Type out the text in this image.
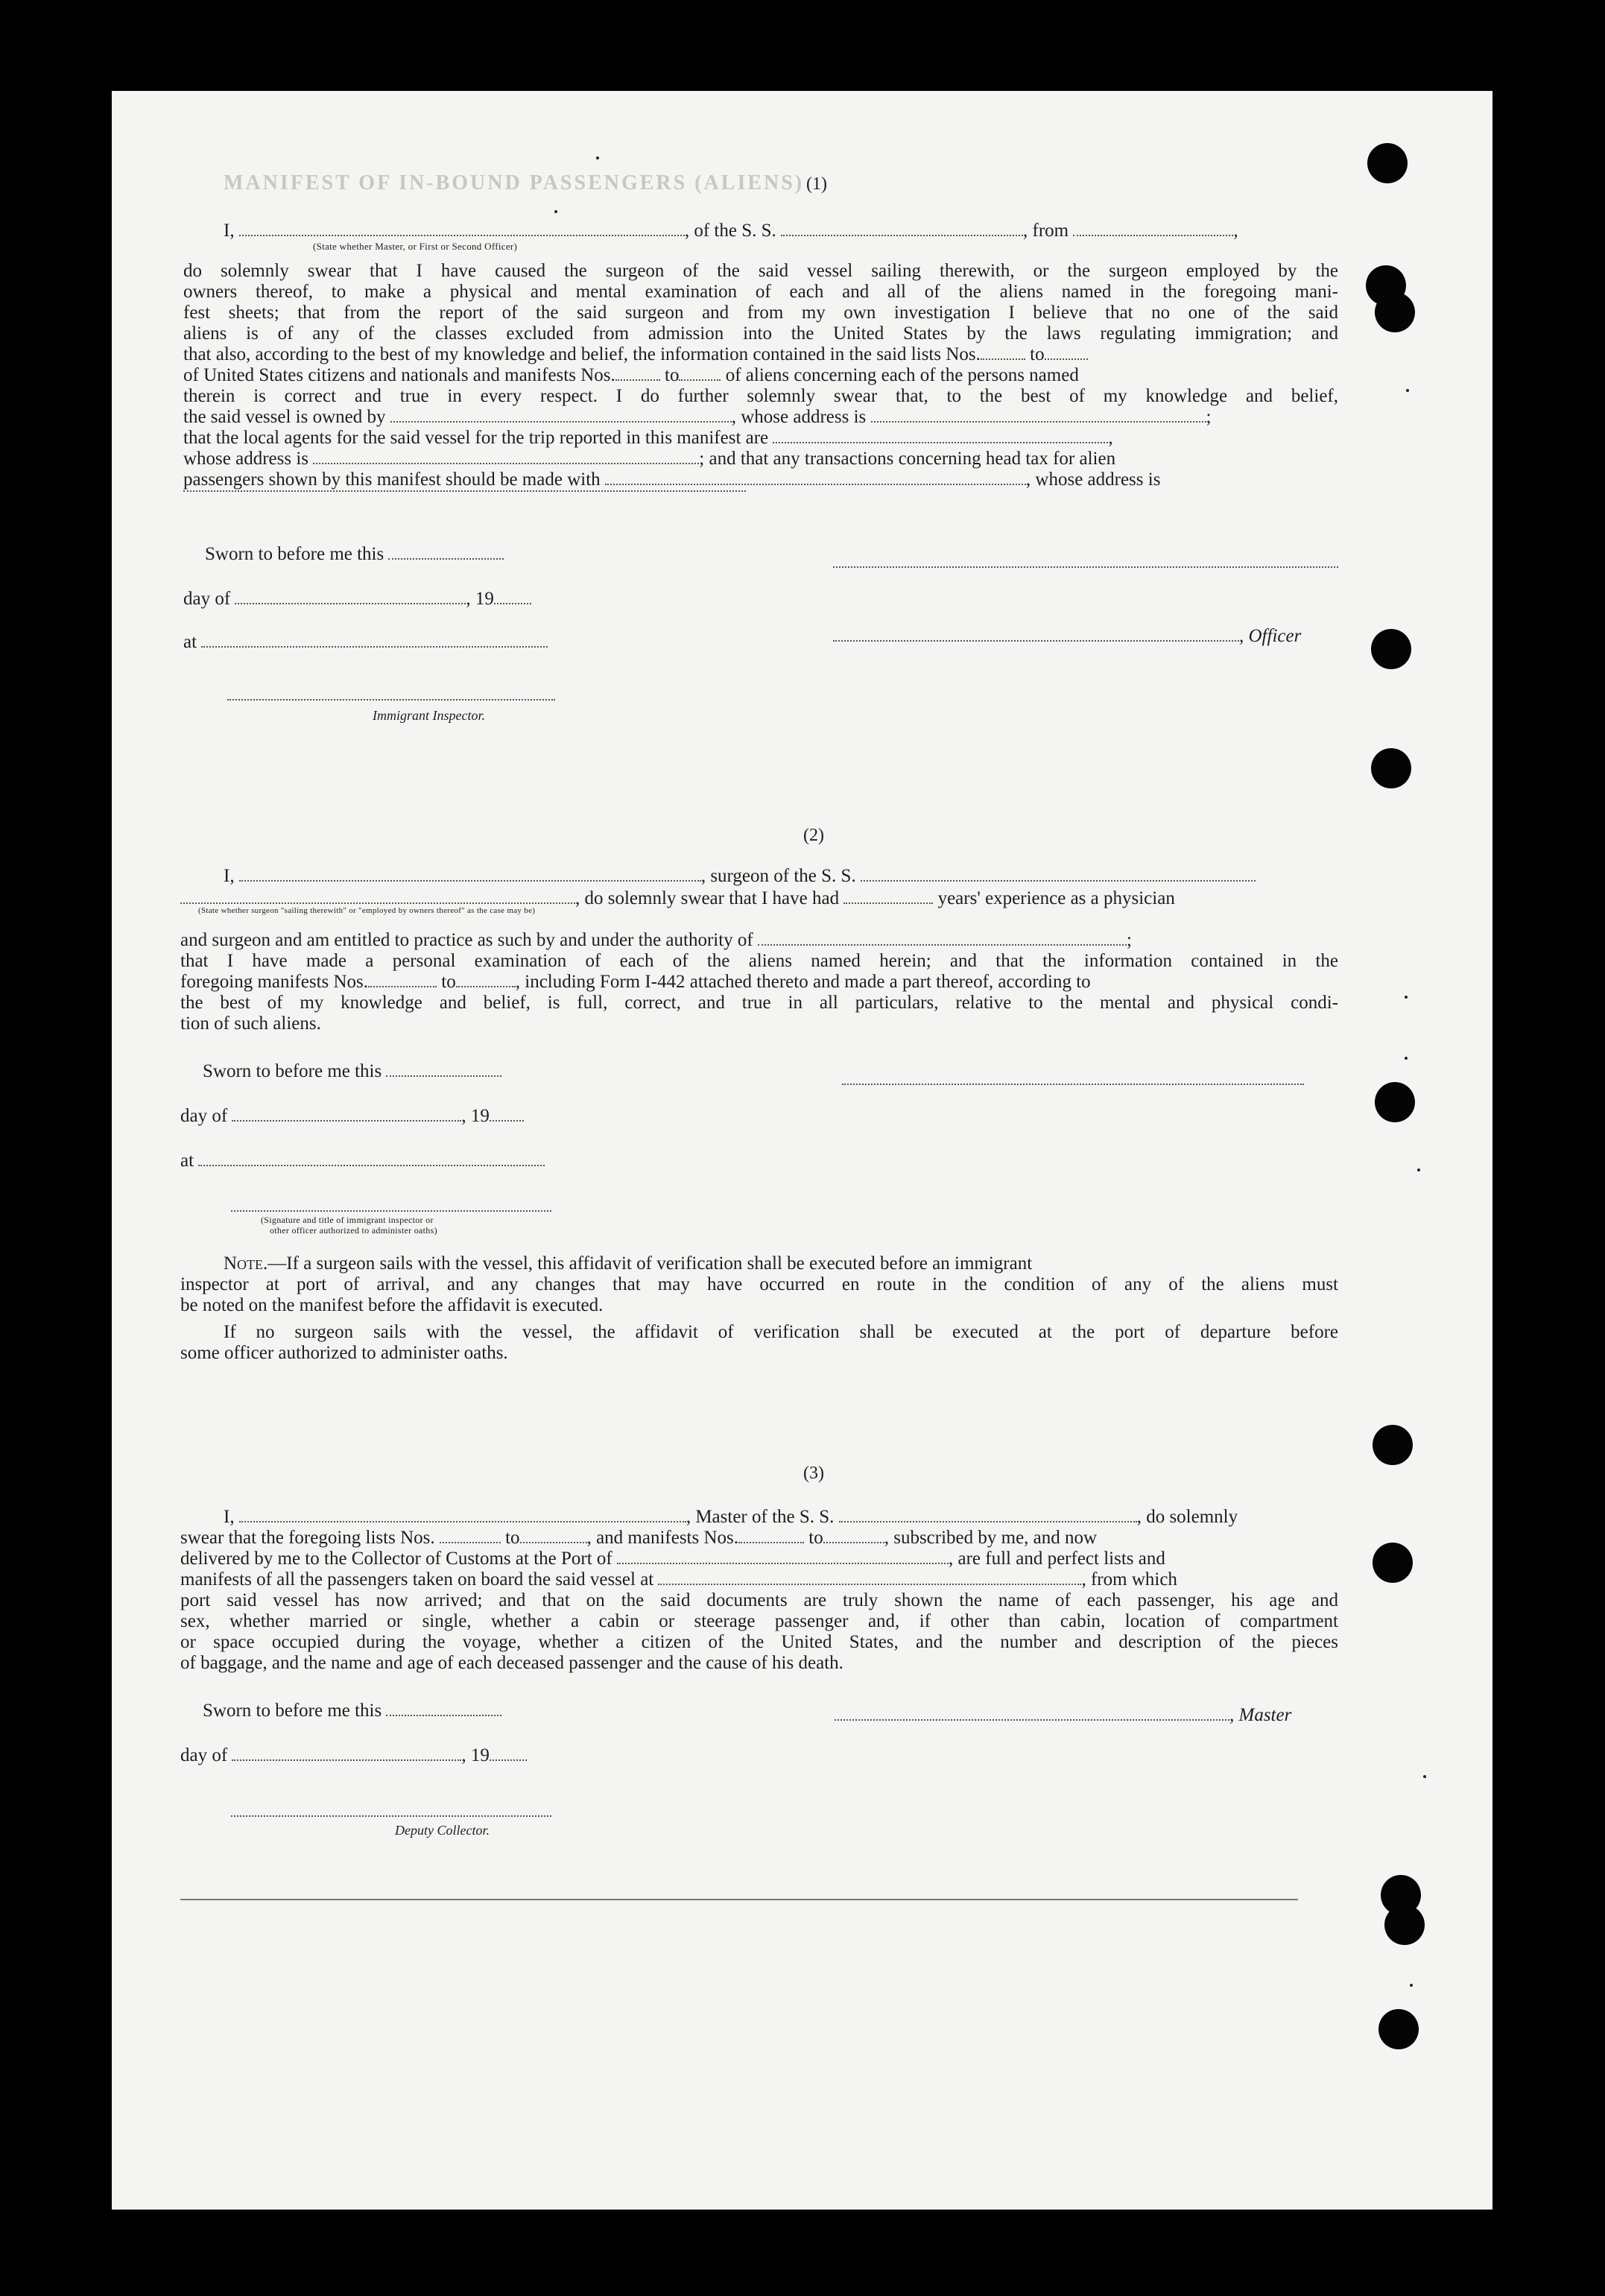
MANIFEST OF IN-BOUND PASSENGERS (ALIENS) (1)
I,	, of the S. S.	, from	,
(State whether Master, or First or Second Officer)
do solemnly swear that I have caused the surgeon of the said vessel sailing therewith, or the surgeon employed by the
owners thereof, to make a physical and mental examination of each and all of the aliens named in the foregoing mani-
fest sheets; that from the report of the said surgeon and from my own investigation I believe that no one of the said
aliens is of any of the classes excluded from admission into the United States by the laws regulating immigration; and
that also, according to the best of my knowledge and belief, the information contained in the said lists Nos.	to
of United States citizens and nationals and manifests Nos.	to of aliens concerning each of the persons named
therein is correct and true in every respect. I do further solemnly swear that, to the best of my knowledge and belief,
the said vessel is owned by	, whose address is	;
that the local agents for the said vessel for the trip reported in this manifest are	,
whose address is	; and that any transactions concerning head tax for alien
passengers shown by this manifest should be made with	, whose address is
Sworn to before me this
day of	, 19
, Officer
at
Immigrant Inspector.
(2)
I,	, surgeon of the S. S.
, do solemnly swear that I have had	years' experience as a physician
(State whether surgeon "sailing therewith" or "employed by owners thereof" as the case may be)
and surgeon and am entitled to practice as such by and under the authority of	;
that I have made a personal examination of each of the aliens named herein; and that the information contained in the
foregoing manifests Nos.	to	, including Form I-442 attached thereto and made a part thereof, according to
the best of my knowledge and belief, is full, correct, and true in all particulars, relative to the mental and physical condi-
tion of such aliens.
Sworn to before me this
day of	, 19
at
(Signature and title of immigrant inspector or
other officer authorized to administer oaths)
Note.—If a surgeon sails with the vessel, this affidavit of verification shall be executed before an immigrant
inspector at port of arrival, and any changes that may have occurred en route in the condition of any of the aliens must
be noted on the manifest before the affidavit is executed.
If no surgeon sails with the vessel, the affidavit of verification shall be executed at the port of departure before
some officer authorized to administer oaths.
(3)
I,	, Master of the S. S.	, do solemnly
swear that the foregoing lists Nos.	to	, and manifests Nos.	to	, subscribed by me, and now
delivered by me to the Collector of Customs at the Port of	, are full and perfect lists and
manifests of all the passengers taken on board the said vessel at	, from which
port said vessel has now arrived; and that on the said documents are truly shown the name of each passenger, his age and
sex, whether married or single, whether a cabin or steerage passenger and, if other than cabin, location of compartment
or space occupied during the voyage, whether a citizen of the United States, and the number and description of the pieces
of baggage, and the name and age of each deceased passenger and the cause of his death.
Sworn to before me this	, Master
day of	, 19
Deputy Collector.
